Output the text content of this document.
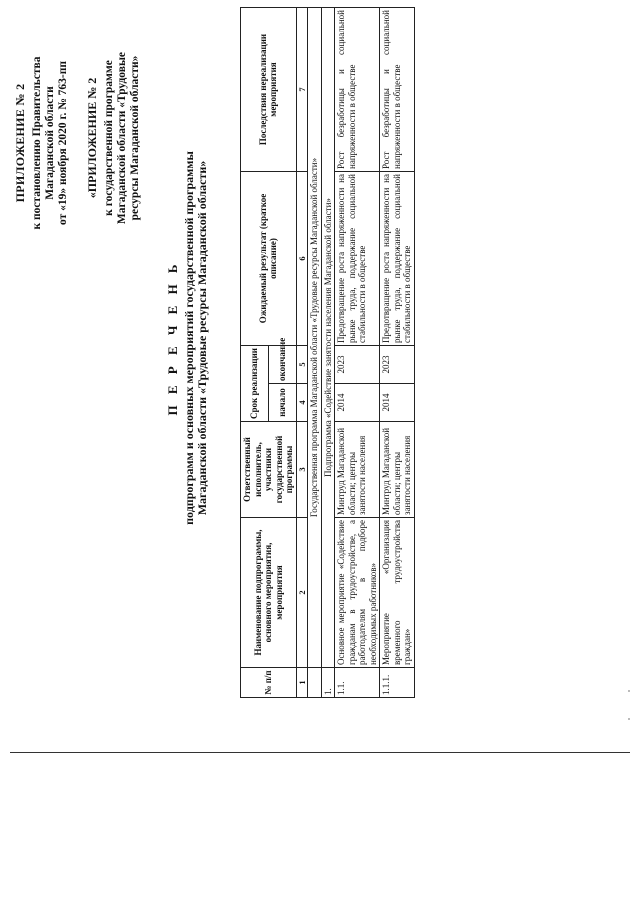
ПРИЛОЖЕНИЕ № 2 к постановлению Правительства Магаданской области от «19» ноября 2020 г. № 763-пп «ПРИЛОЖЕНИЕ № 2 к государственной программе Магаданской области «Трудовые ресурсы Магаданской области»
П Е Р Е Ч Е Н Ь подпрограмм и основных мероприятий государственной программы Магаданской области «Трудовые ресурсы Магаданской области»
№ п/п	Наименование подпрограммы, основного мероприятия, мероприятия	Ответственный исполнитель, участники государственной программы	Срок реализации		Ожидаемый результат (краткое описание)	Последствия нереализации мероприятия
			начало	окончание		
1	2	3	4	5	6	7
	Государственная программа Магаданской области «Трудовые ресурсы Магаданской области»					
1.	Подпрограмма «Содействие занятости населения Магаданской области»					
1.1.	Основное мероприятие «Содействие гражданам в трудоустройстве, а работодателям в подборе необходимых работников»	Минтруд Магаданской области; центры занятости населения	2014	2023	Предотвращение роста напряженности на рынке труда, поддержание социальной стабильности в обществе	Рост безработицы и социальной напряженности в обществе
1.1.1.	Мероприятие «Организация временного трудоустройства граждан»	Минтруд Магаданской области; центры занятости населения	2014	2023	Предотвращение роста напряженности на рынке труда, поддержание социальной стабильности в обществе	Рост безработицы и социальной напряженности в обществе
